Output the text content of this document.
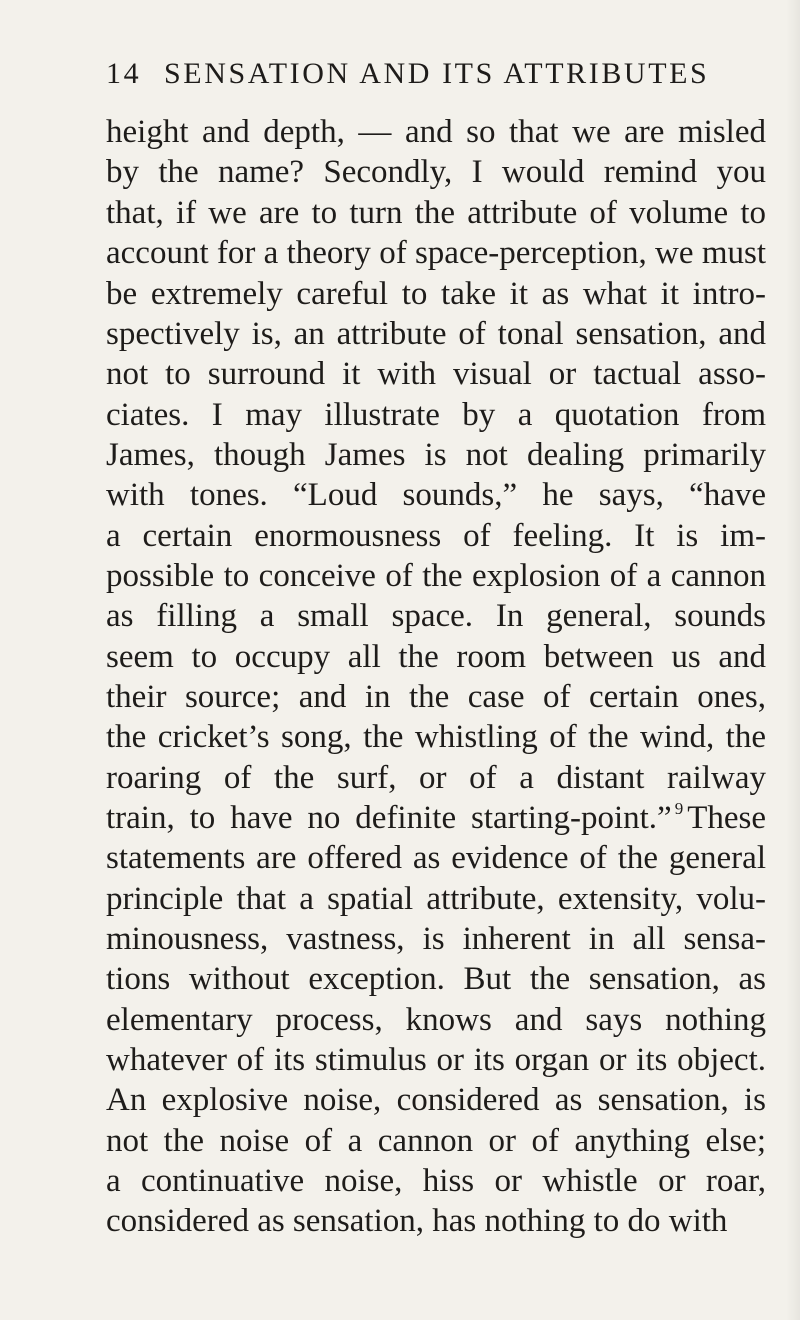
14 SENSATION AND ITS ATTRIBUTES
height and depth, — and so that we are misled
by the name? Secondly, I would remind you
that, if we are to turn the attribute of volume to
account for a theory of space-perception, we must
be extremely careful to take it as what it intro-
spectively is, an attribute of tonal sensation, and
not to surround it with visual or tactual asso-
ciates. I may illustrate by a quotation from
James, though James is not dealing primarily
with tones. “Loud sounds,” he says, “have
a certain enormousness of feeling. It is im-
possible to conceive of the explosion of a cannon
as filling a small space. In general, sounds
seem to occupy all the room between us and
their source; and in the case of certain ones,
the cricket’s song, the whistling of the wind, the
roaring of the surf, or of a distant railway
train, to have no definite starting-point.” $^9$ These
statements are offered as evidence of the general
principle that a spatial attribute, extensity, volu-
minousness, vastness, is inherent in all sensa-
tions without exception. But the sensation, as
elementary process, knows and says nothing
whatever of its stimulus or its organ or its object.
An explosive noise, considered as sensation, is
not the noise of a cannon or of anything else;
a continuative noise, hiss or whistle or roar,
considered as sensation, has nothing to do with
